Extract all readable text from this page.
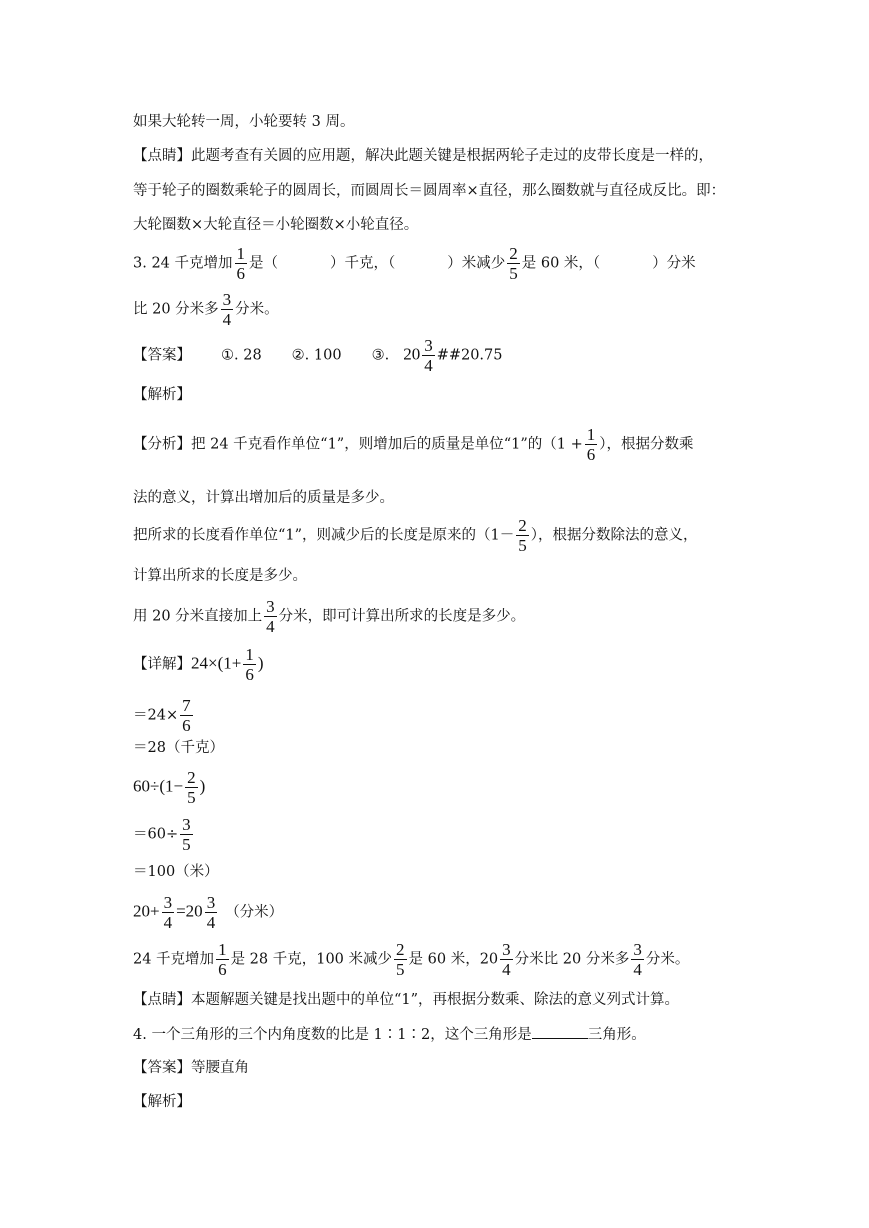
如果大轮转一周，小轮要转 3 周。
【点睛】此题考查有关圆的应用题，解决此题关键是根据两轮子走过的皮带长度是一样的，
等于轮子的圈数乘轮子的圆周长，而圆周长＝圆周率×直径，那么圈数就与直径成反比。即：
大轮圈数×大轮直径＝小轮圈数×小轮直径。
3. 24 千克增加 $\frac{1}{6}$ 是（	）千克，（	）米减少 $\frac{2}{5}$ 是 60 米，（	）分米
比 20 分米多 $\frac{3}{4}$ 分米。
【答案】 ①. 28 ②. 100 ③. $20 \frac{3}{4}$ ##20.75
【解析】
【分析】把 24 千克看作单位“1”，则增加后的质量是单位“1”的（$1 + \frac{1}{6}$ ），根据分数乘
法的意义，计算出增加后的质量是多少。
把所求的长度看作单位“1”，则减少后的长度是原来的（$1- \frac{2}{5}$ ），根据分数除法的意义，
计算出所求的长度是多少。
用 20 分米直接加上 $\frac{3}{4}$ 分米，即可计算出所求的长度是多少。
【详解】$24\times(1+ \frac{1}{6}$ )
$=24\times \frac{7}{6}$
＝28（千克）
$60\div(1- \frac{2}{5}$ )
$=60\div \frac{3}{5}$
＝100（米）
$20+ \frac{3}{4} =20 \frac{3}{4}$ （分米）
24 千克增加 $\frac{1}{6}$ 是 28 千克，100 米减少 $\frac{2}{5}$ 是 60 米，$20 \frac{3}{4}$ 分米比 20 分米多 $\frac{3}{4}$ 分米。
【点睛】本题解题关键是找出题中的单位“1”，再根据分数乘、除法的意义列式计算。
4. 一个三角形的三个内角度数的比是 1∶1∶2，这个三角形是	三角形。
【答案】等腰直角
【解析】
